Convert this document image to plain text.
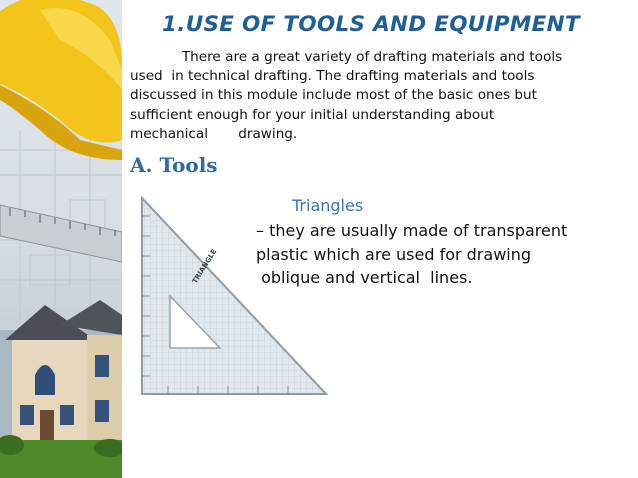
1.USE OF TOOLS AND EQUIPMENT
There are a great variety of drafting materials and tools
used  in technical drafting. The drafting materials and tools
discussed in this module include most of the basic ones but
sufficient enough for your initial understanding about
mechanical       drawing.
A. Tools
TRIANGLE
Triangles
– they are usually made of transparent
plastic which are used for drawing
oblique and vertical  lines.
